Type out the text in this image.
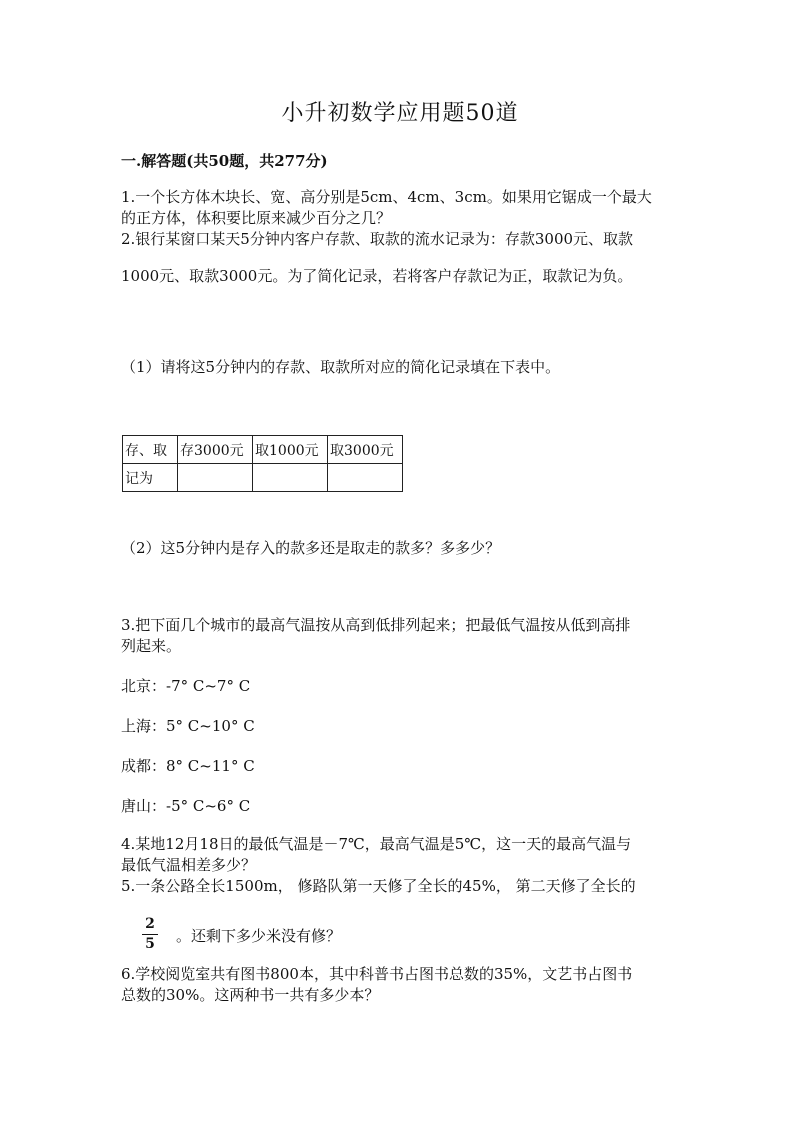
小升初数学应用题50道
一.解答题(共50题，共277分)
1.一个长方体木块长、宽、高分别是5cm、4cm、3cm。如果用它锯成一个最大
的正方体，体积要比原来减少百分之几？
2.银行某窗口某天5分钟内客户存款、取款的流水记录为：存款3000元、取款
1000元、取款3000元。为了简化记录，若将客户存款记为正，取款记为负。
（1）请将这5分钟内的存款、取款所对应的简化记录填在下表中。
存、取	存3000元	取1000元	取3000元
记为			
（2）这5分钟内是存入的款多还是取走的款多？多多少？
3.把下面几个城市的最高气温按从高到低排列起来；把最低气温按从低到高排
列起来。
北京：-7° C~7° C
上海：5° C~10° C
成都：8° C~11° C
唐山：-5° C~6° C
4.某地12月18日的最低气温是－7℃，最高气温是5℃，这一天的最高气温与
最低气温相差多少？
5.一条公路全长1500m， 修路队第一天修了全长的45%， 第二天修了全长的
2
5	。还剩下多少米没有修？
6.学校阅览室共有图书800本，其中科普书占图书总数的35%，文艺书占图书
总数的30%。这两种书一共有多少本？
